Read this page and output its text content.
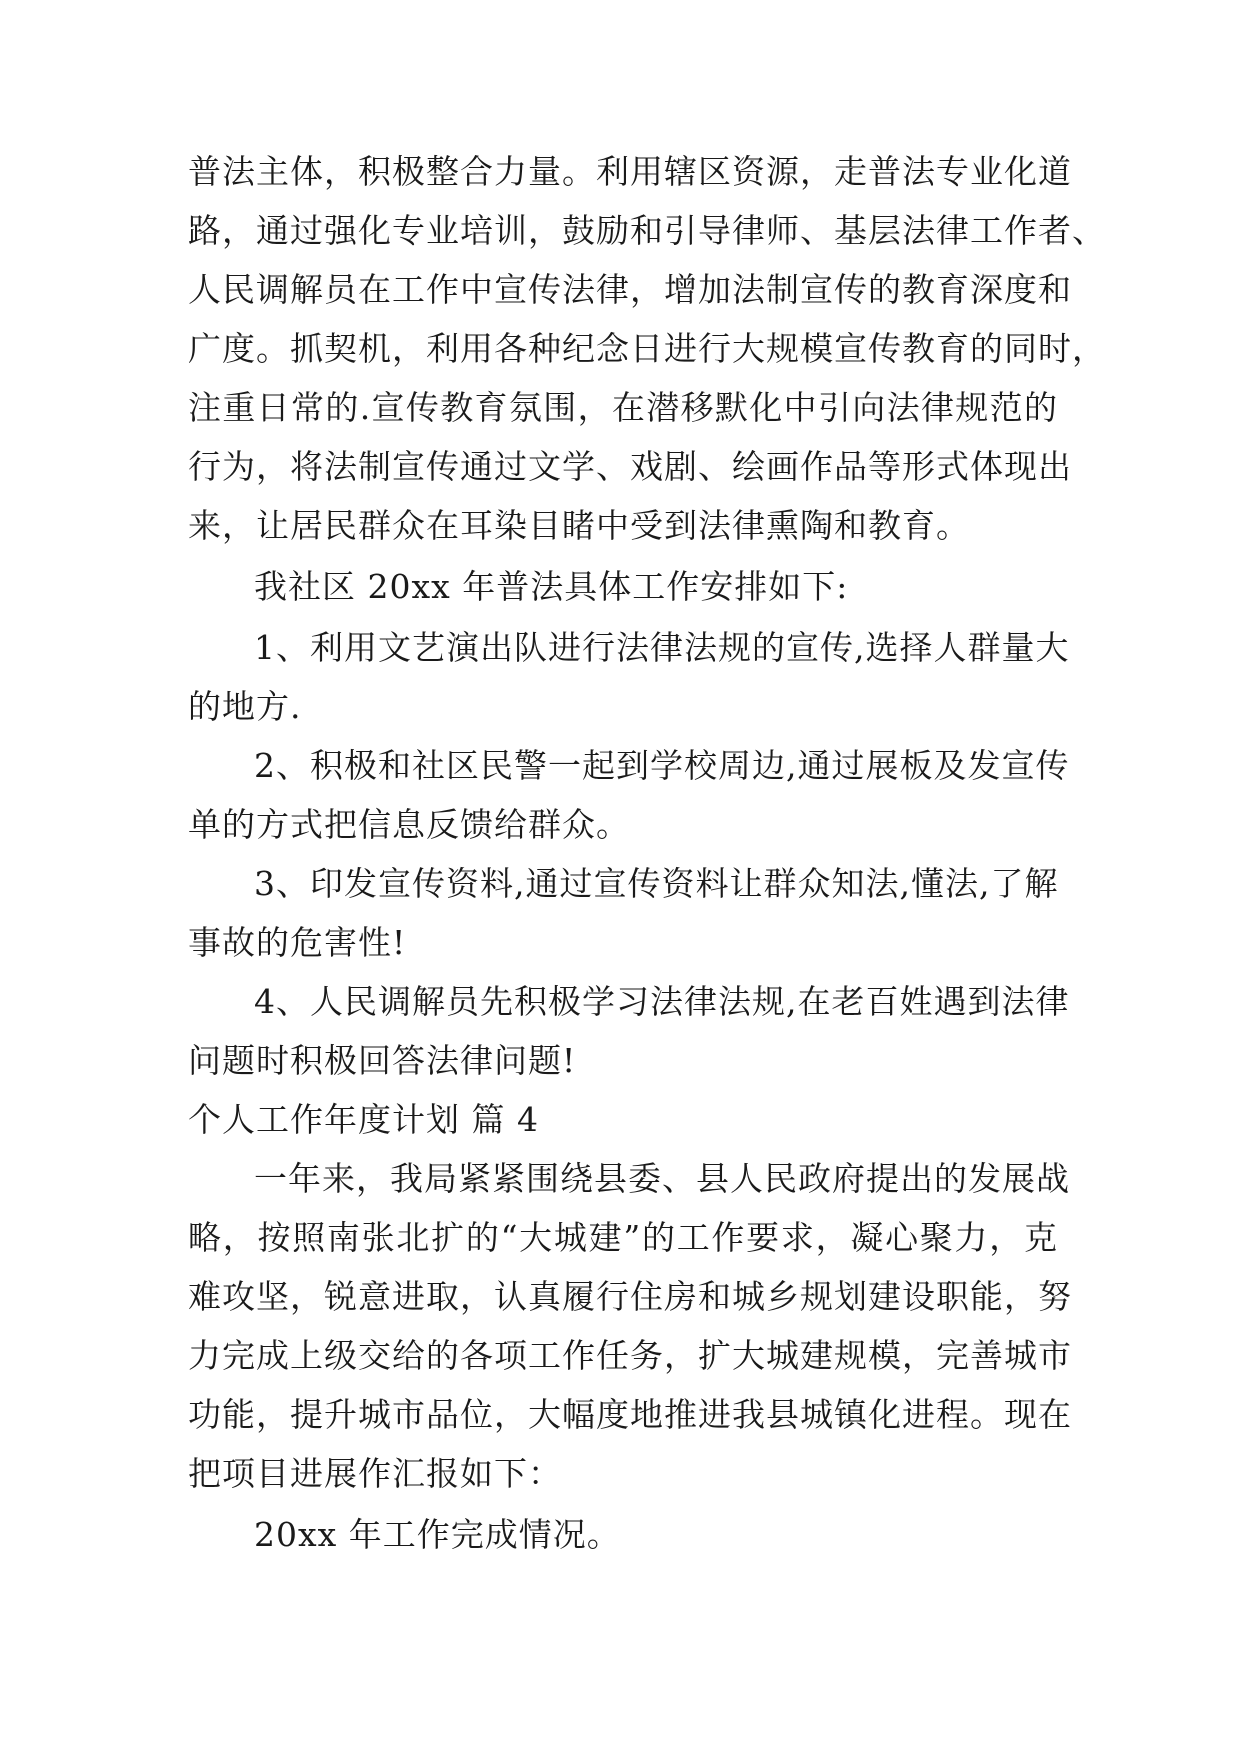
普法主体，积极整合力量。利用辖区资源，走普法专业化道
路，通过强化专业培训，鼓励和引导律师、基层法律工作者、
人民调解员在工作中宣传法律，增加法制宣传的教育深度和
广度。抓契机，利用各种纪念日进行大规模宣传教育的同时，
注重日常的.宣传教育氛围，在潜移默化中引向法律规范的
行为，将法制宣传通过文学、戏剧、绘画作品等形式体现出
来，让居民群众在耳染目睹中受到法律熏陶和教育。
我社区 20xx 年普法具体工作安排如下:
1、利用文艺演出队进行法律法规的宣传,选择人群量大
的地方.
2、积极和社区民警一起到学校周边,通过展板及发宣传
单的方式把信息反馈给群众。
3、印发宣传资料,通过宣传资料让群众知法,懂法,了解
事故的危害性!
4、人民调解员先积极学习法律法规,在老百姓遇到法律
问题时积极回答法律问题!
个人工作年度计划 篇 4
一年来，我局紧紧围绕县委、县人民政府提出的发展战
略，按照南张北扩的“大城建”的工作要求，凝心聚力，克
难攻坚，锐意进取，认真履行住房和城乡规划建设职能，努
力完成上级交给的各项工作任务，扩大城建规模，完善城市
功能，提升城市品位，大幅度地推进我县城镇化进程。现在
把项目进展作汇报如下：
20xx 年工作完成情况。
